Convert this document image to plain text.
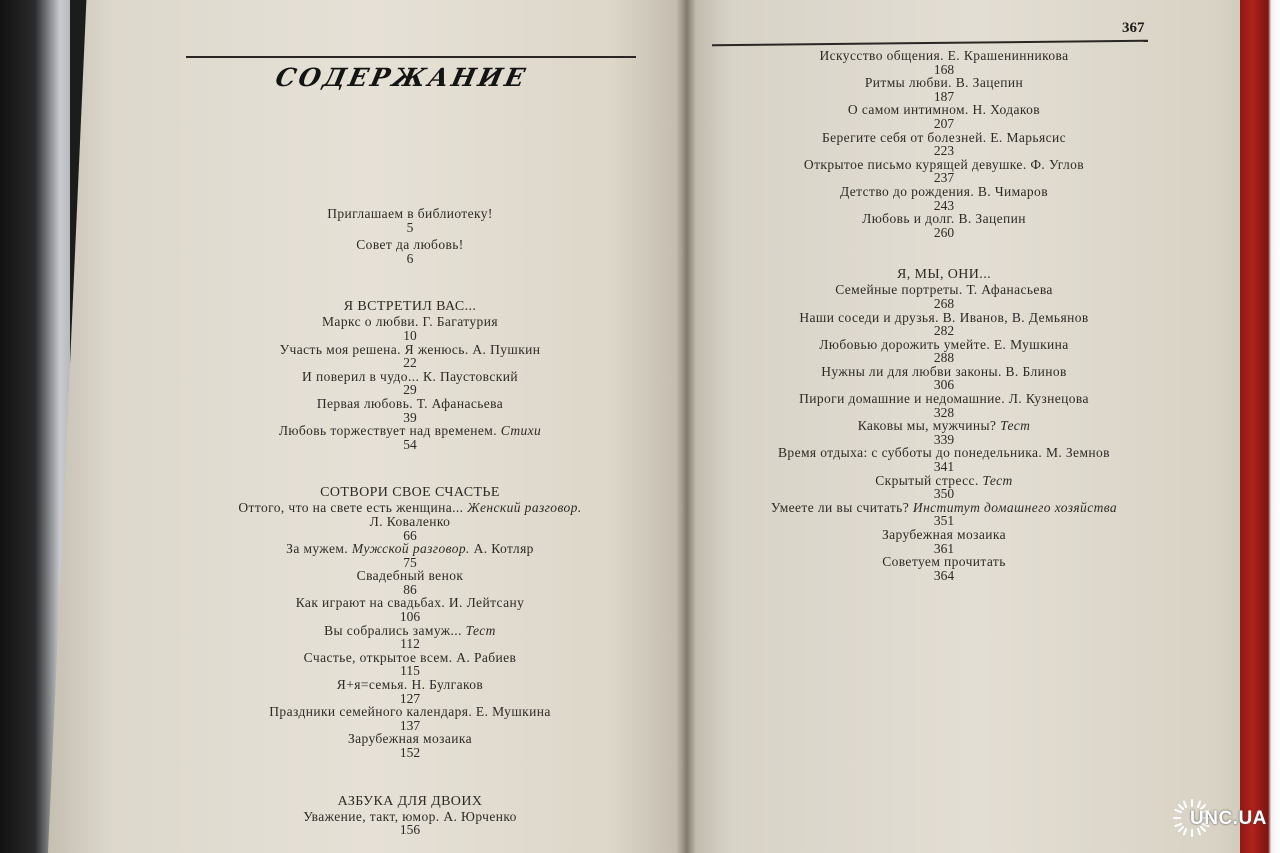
СОДЕРЖАНИЕ
367
Приглашаем в библиотеку!
5
Совет да любовь!
6
Я ВСТРЕТИЛ ВАС...
Маркс о любви. Г. Багатурия
10
Участь моя решена. Я женюсь. А. Пушкин
22
И поверил в чудо... К. Паустовский
29
Первая любовь. Т. Афанасьева
39
Любовь торжествует над временем. Стихи
54
СОТВОРИ СВОЕ СЧАСТЬЕ
Оттого, что на свете есть женщина... Женский разговор.
Л. Коваленко
66
За мужем. Мужской разговор. А. Котляр
75
Свадебный венок
86
Как играют на свадьбах. И. Лейтсану
106
Вы собрались замуж... Тест
112
Счастье, открытое всем. А. Рабиев
115
Я+я=семья. Н. Булгаков
127
Праздники семейного календаря. Е. Мушкина
137
Зарубежная мозаика
152
АЗБУКА ДЛЯ ДВОИХ
Уважение, такт, юмор. А. Юрченко
156
Искусство общения. Е. Крашенинникова
168
Ритмы любви. В. Зацепин
187
О самом интимном. Н. Ходаков
207
Берегите себя от болезней. Е. Марьясис
223
Открытое письмо курящей девушке. Ф. Углов
237
Детство до рождения. В. Чимаров
243
Любовь и долг. В. Зацепин
260
Я, МЫ, ОНИ...
Семейные портреты. Т. Афанасьева
268
Наши соседи и друзья. В. Иванов, В. Демьянов
282
Любовью дорожить умейте. Е. Мушкина
288
Нужны ли для любви законы. В. Блинов
306
Пироги домашние и недомашние. Л. Кузнецова
328
Каковы мы, мужчины? Тест
339
Время отдыха: с субботы до понедельника. М. Земнов
341
Скрытый стресс. Тест
350
Умеете ли вы считать? Институт домашнего хозяйства
351
Зарубежная мозаика
361
Советуем прочитать
364
UNC.UA
